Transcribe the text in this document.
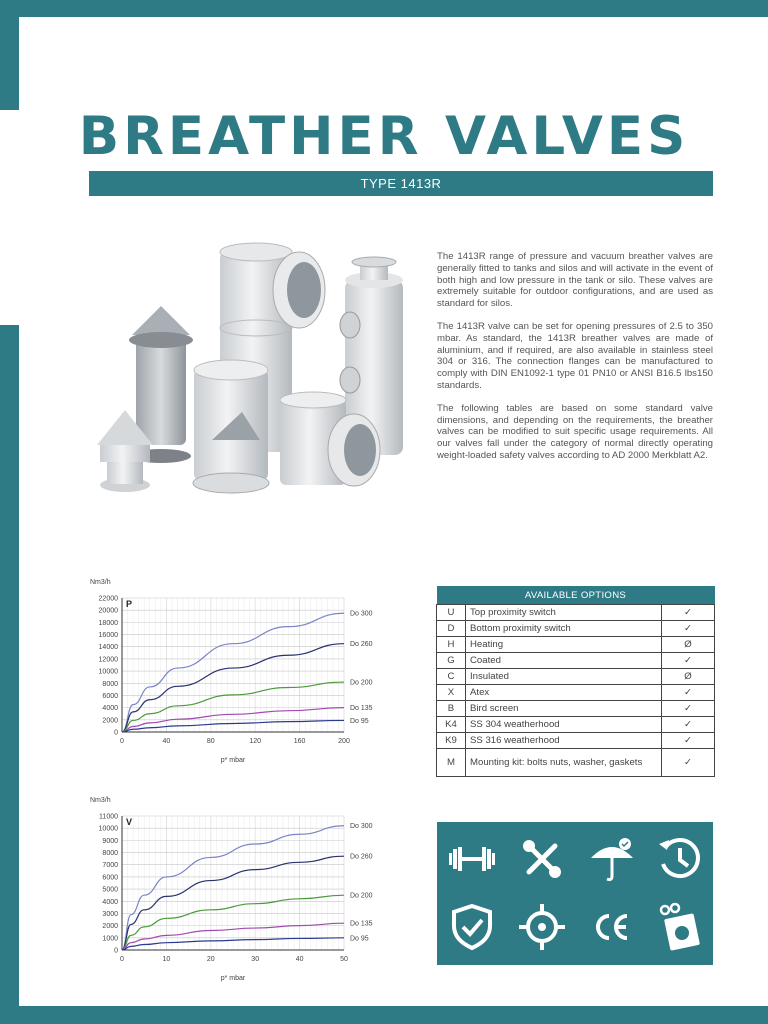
BREATHER VALVES
TYPE 1413R

The 1413R range of pressure and vacuum breather valves are generally fitted to tanks and silos and will activate in the event of both high and low pressure in the tank or silo. These valves are extremely suitable for outdoor configurations, and are used as standard for silos.

The 1413R valve can be set for opening pressures of 2.5 to 350 mbar. As standard, the 1413R breather valves are made of aluminium, and if required, are also available in stainless steel 304 or 316. The connection flanges can be manufactured to comply with DIN EN1092-1 type 01 PN10 or ANSI B16.5 lbs150 standards.

The following tables are based on some standard valve dimensions, and depending on the requirements, the breather valves can be modified to suit specific usage requirements. All our valves fall under the category of normal directly operating weight-loaded safety valves according to AD 2000 Merkblatt A2.

Nm3/h
P
0
2000
4000
6000
8000
10000
12000
14000
16000
18000
20000
22000
0	40	80	120	160	200
p* mbar
Do 300
Do 260
Do 200
Do 135
Do 95
Nm3/h
V
0
1000
2000
3000
4000
5000
6000
7000
8000
9000
10000
11000
0	10	20	30	40	50
p* mbar
Do 300
Do 260
Do 200
Do 135
Do 95
AVAILABLE OPTIONS		
U	Top proximity switch	✓
D	Bottom proximity switch	✓
H	Heating	Ø
G	Coated	✓
C	Insulated	Ø
X	Atex	✓
B	Bird screen	✓
K4	SS 304 weatherhood	✓
K9	SS 316 weatherhood	✓
M	Mounting kit: bolts nuts, washer, gaskets	✓
